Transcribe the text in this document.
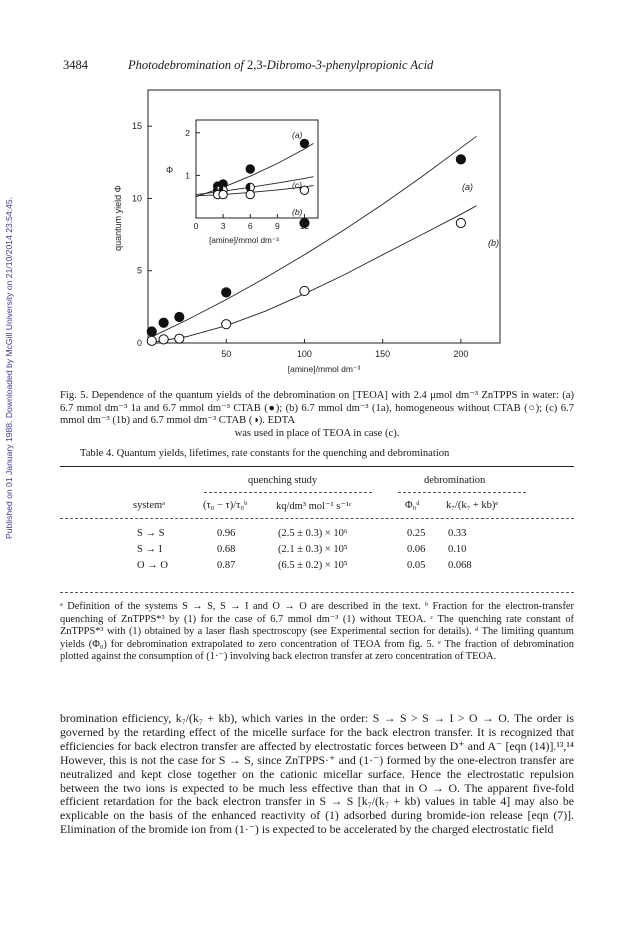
Published on 01 January 1988. Downloaded by McGill University on 21/10/2014 23:54:45.
3484	Photodebromination of 2,3-Dibromo-3-phenylpropionic Acid
50	100	150	200
0
5
10
15
quantum yield Φ
[amine]/mmol dm⁻³
(a)
(b)
0	3	6	9 12
1
2
Φ
[amine]/mmol dm⁻³
(a)
(c)
(b)
Fig. 5. Dependence of the quantum yields of the debromination on [TEOA] with 2.4 μmol dm⁻³ ZnTPPS in water: (a) 6.7 mmol dm⁻³ 1a and 6.7 mmol dm⁻³ CTAB (●); (b) 6.7 mmol dm⁻³ (1a), homogeneous without CTAB (○); (c) 6.7 mmol dm⁻³ (1b) and 6.7 mmol dm⁻³ CTAB (◑). EDTA
was used in place of TEOA in case (c).
Table 4. Quantum yields, lifetimes, rate constants for the quenching and debromination
quenching study	debromination
systemᵃ	(τ₀ − τ)/τ₀ᵇ	kq/dm³ mol⁻¹ s⁻¹ᶜ	Φ₀ᵈ	k₇/(k₇ + kb)ᵉ
S → S	0.96	(2.5 ± 0.3) × 10⁶	0.25 0.33
S → I	0.68	(2.1 ± 0.3) × 10⁵	0.06 0.10
O → O	0.87	(6.5 ± 0.2) × 10⁵	0.05 0.068
ᵃ Definition of the systems S → S, S → I and O → O are described in the text. ᵇ Fraction for the electron-transfer quenching of ZnTPPS*³ by (1) for the case of 6.7 mmol dm⁻³ (1) without TEOA. ᶜ The quenching rate constant of ZnTPPS*³ with (1) obtained by a laser flash spectroscopy (see Experimental section for details). ᵈ The limiting quantum yields (Φ₀) for debromination extrapolated to zero concentration of TEOA from fig. 5. ᵉ The fraction of debromination plotted against the consumption of (1·⁻) involving back electron transfer at zero concentration of TEOA.
bromination efficiency, k₇/(k₇ + kb), which varies in the order: S → S > S → I > O → O. The order is governed by the retarding effect of the micelle surface for the back electron transfer. It is recognized that efficiencies for back electron transfer are affected by electrostatic forces between D⁺ and A⁻ [eqn (14)].¹³,¹⁴ However, this is not the case for S → S, since ZnTPPS·⁺ and (1·⁻) formed by the one-electron transfer are neutralized and kept close together on the cationic micellar surface. Hence the electrostatic repulsion between the two ions is expected to be much less effective than that in O → O. The apparent five-fold efficient retardation for the back electron transfer in S → S [k₇/(k₇ + kb) values in table 4] may also be explicable on the basis of the enhanced reactivity of (1) adsorbed during bromide-ion release [eqn (7)]. Elimination of the bromide ion from (1·⁻) is expected to be accelerated by the charged electrostatic field
